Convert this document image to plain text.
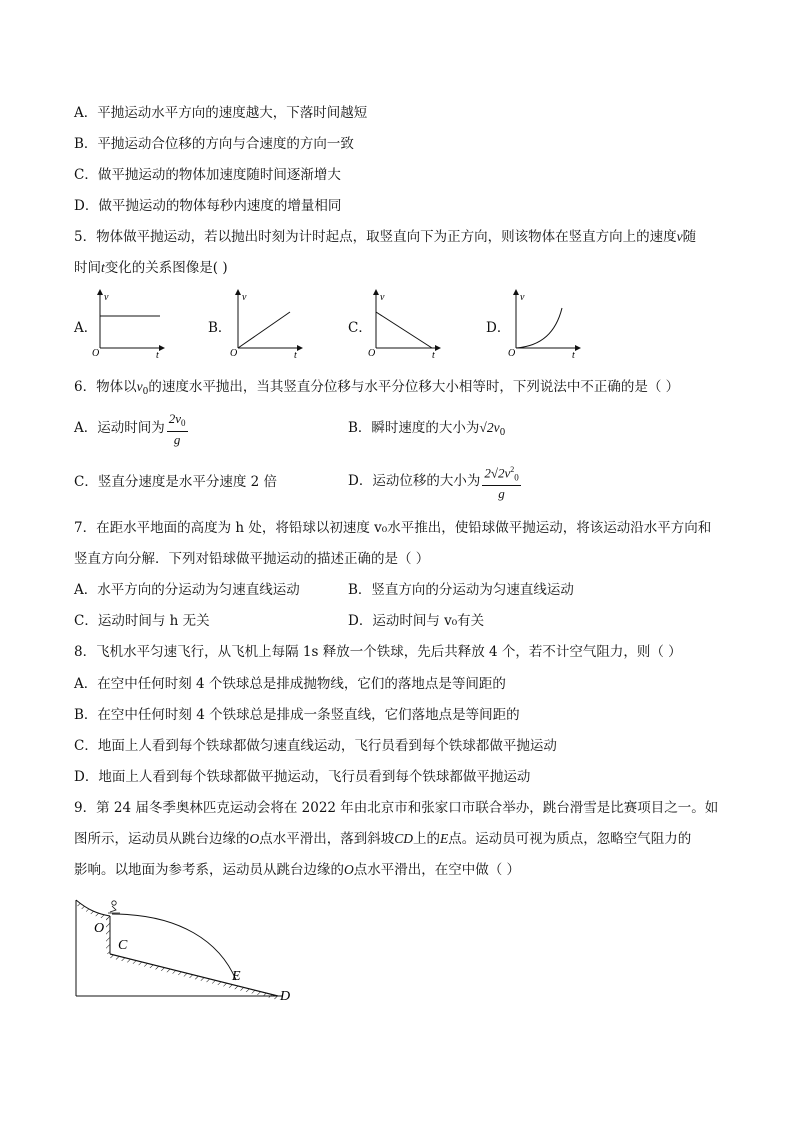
A．平抛运动水平方向的速度越大，下落时间越短
B．平抛运动合位移的方向与合速度的方向一致
C．做平抛运动的物体加速度随时间逐渐增大
D．做平抛运动的物体每秒内速度的增量相同
5．物体做平抛运动，若以抛出时刻为计时起点，取竖直向下为正方向，则该物体在竖直方向上的速度v随
时间t变化的关系图像是( )
A．	B．	C．	D．
v
t
O
v
t
O
v
t
O
v
t
O
6．物体以$v_0$的速度水平抛出，当其竖直分位移与水平分位移大小相等时，下列说法中不正确的是（ ）
A．运动时间为 $\frac{2v_0}{g}$	B．瞬时速度的大小为$√2v_0$
C．竖直分速度是水平分速度 2 倍	D．运动位移的大小为 $\frac{2√2v^2_0}{g}$
7．在距水平地面的高度为 h 处，将铅球以初速度 v₀水平推出，使铅球做平抛运动，将该运动沿水平方向和
竖直方向分解．下列对铅球做平抛运动的描述正确的是（ ）
A．水平方向的分运动为匀速直线运动	B．竖直方向的分运动为匀速直线运动
C．运动时间与 h 无关	D．运动时间与 v₀有关
8．飞机水平匀速飞行，从飞机上每隔 1s 释放一个铁球，先后共释放 4 个，若不计空气阻力，则（ ）
A．在空中任何时刻 4 个铁球总是排成抛物线，它们的落地点是等间距的
B．在空中任何时刻 4 个铁球总是排成一条竖直线，它们落地点是等间距的
C．地面上人看到每个铁球都做匀速直线运动，飞行员看到每个铁球都做平抛运动
D．地面上人看到每个铁球都做平抛运动，飞行员看到每个铁球都做平抛运动
9．第 24 届冬季奥林匹克运动会将在 2022 年由北京市和张家口市联合举办，跳台滑雪是比赛项目之一。如
图所示，运动员从跳台边缘的O点水平滑出，落到斜坡CD上的E点。运动员可视为质点，忽略空气阻力的
影响。以地面为参考系，运动员从跳台边缘的O点水平滑出，在空中做（ ）
O
C
E
D
